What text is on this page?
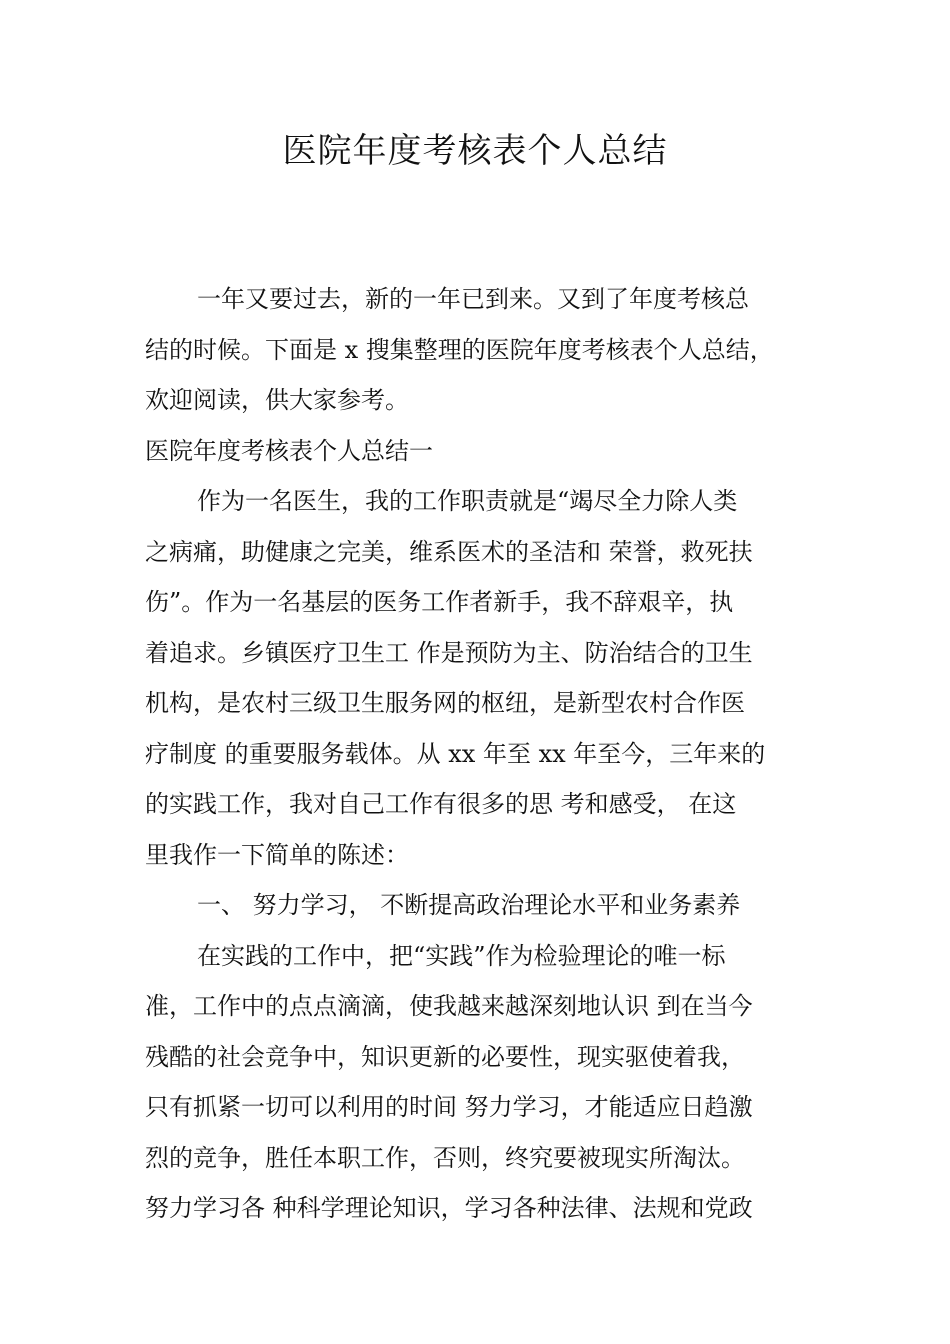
医院年度考核表个人总结
一年又要过去，新的一年已到来。又到了年度考核总
结的时候。下面是 x 搜集整理的医院年度考核表个人总结，
欢迎阅读，供大家参考。
医院年度考核表个人总结一
作为一名医生，我的工作职责就是“竭尽全力除人类
之病痛，助健康之完美，维系医术的圣洁和 荣誉，救死扶
伤”。作为一名基层的医务工作者新手，我不辞艰辛，执
着追求。乡镇医疗卫生工 作是预防为主、防治结合的卫生
机构，是农村三级卫生服务网的枢纽，是新型农村合作医
疗制度 的重要服务载体。从 xx 年至 xx 年至今，三年来的
的实践工作，我对自己工作有很多的思 考和感受， 在这
里我作一下简单的陈述：
一、 努力学习， 不断提高政治理论水平和业务素养
在实践的工作中，把“实践”作为检验理论的唯一标
准，工作中的点点滴滴，使我越来越深刻地认识 到在当今
残酷的社会竞争中，知识更新的必要性，现实驱使着我，
只有抓紧一切可以利用的时间 努力学习，才能适应日趋激
烈的竞争，胜任本职工作，否则，终究要被现实所淘汰。
努力学习各 种科学理论知识，学习各种法律、法规和党政
